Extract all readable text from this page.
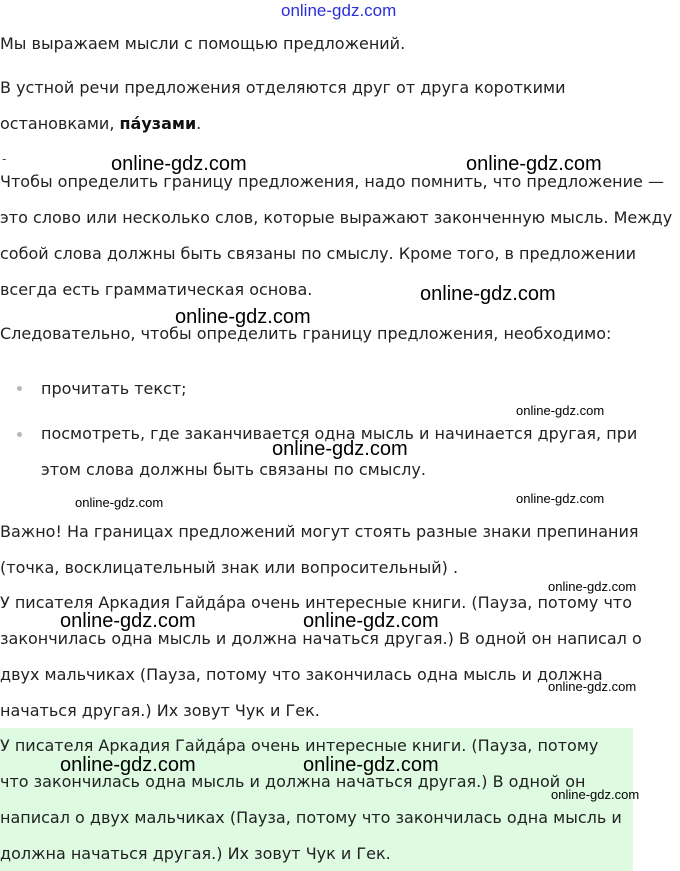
online-gdz.com

Мы выражаем мысли с помощью предложений.

В устной речи предложения отделяются друг от друга короткими остановками, па́узами.

-

Чтобы определить границу предложения, надо помнить, что предложение — это слово или несколько слов, которые выражают законченную мысль. Между собой слова должны быть связаны по смыслу. Кроме того, в предложении всегда есть грамматическая основа.

Следовательно, чтобы определить границу предложения, необходимо:

прочитать текст;
посмотреть, где заканчивается одна мысль и начинается другая, при этом слова должны быть связаны по смыслу.

Важно! На границах предложений могут стоять разные знаки препинания (точка, восклицательный знак или вопросительный) .

У писателя Аркадия Гайда́ра очень интересные книги. (Пауза, потому что закончилась одна мысль и должна начаться другая.) В одной он написал о двух мальчиках (Пауза, потому что закончилась одна мысль и должна начаться другая.) Их зовут Чук и Гек.

У писателя Аркадия Гайда́ра очень интересные книги. (Пауза, потому что закончилась одна мысль и должна начаться другая.) В одной он написал о двух мальчиках (Пауза, потому что закончилась одна мысль и должна начаться другая.) Их зовут Чук и Гек.

online-gdz.com	online-gdz.com
online-gdz.com
online-gdz.com
online-gdz.com
online-gdz.com
online-gdz.com	online-gdz.com
online-gdz.com
online-gdz.com	online-gdz.com
online-gdz.com
online-gdz.com	online-gdz.com
online-gdz.com
